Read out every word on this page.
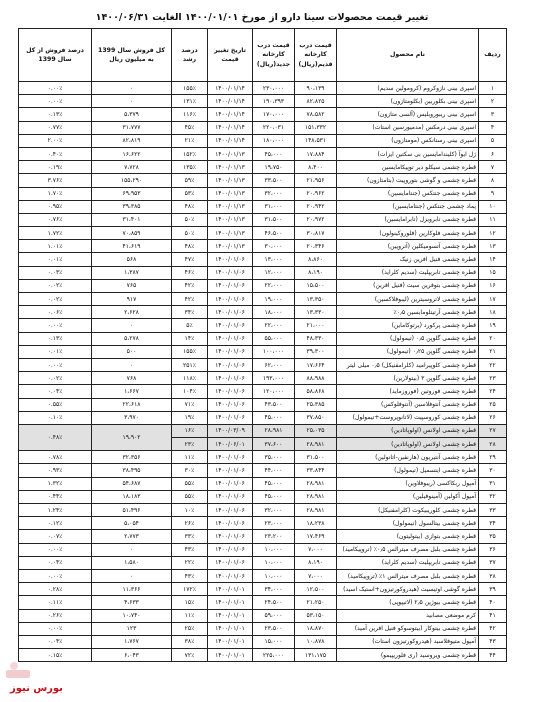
تغییر قیمت محصولات سینا دارو از مورخ ۱۴۰۰/۰۱/۰۱ الغایت ۱۴۰۰/۰۶/۳۱
ردیف	نام محصول	قیمت درب کارخانه قدیم(ریال)	قیمت درب کارخانه جدید(ریال)	تاریخ تغییر قیمت	درصد رشد	کل فروش سال 1399 به میلیون ریال	درصد فروش از کل سال 1399
۱	اسپری بینی نازوکروم (کرومولین سدیم)	۹۰،۱۳۹	۲۳۰،۰۰۰	۱۴۰۰/۰۱/۱۴	۱۵۵٪	۰	۰.۰۰٪
۲	اسپری بینی بکلوربین (بکلومتازون)	۸۲،۸۲۵	۱۹۰،۳۹۳	۱۴۰۰/۰۱/۱۴	۱۳۱٪	۰	۰.۰۰٪
۳	اسپری بینی ریبوروبلیس (آلسی متازون)	۷۸،۵۸۲	۱۷۰،۰۰۰	۱۴۰۰/۰۱/۱۴	۱۱۶٪	۵،۳۷۹	۰.۱۳٪
۴	اسپری بینی درمکس (مدمیورسین استات)	۱۵۱،۳۳۲	۲۲۰،۰۳۱	۱۴۰۰/۰۱/۱۴	۴۵٪	۳۱،۷۷۷	۰.۷۷٪
۵	اسپری بینی رستانکس (مومتازون)	۱۴۸،۵۳۱	۱۸۰،۰۰۰	۱۴۰۰/۰۱/۱۴	۲۱٪	۸۲،۸۱۹	۲.۰۰٪
۶	ژل ایوآ (کلیندامایسین بی سکتین ایزات)	۱۷،۸۸۴	۴۵،۰۰۰	۱۴۰۰/۰۱/۱۳	۱۵۲٪	۱۶،۶۲۲	۰.۴۰٪
۷	قطره چشمی سیکلو دیر توپیکامایسین	۸،۴۰۰	۱۹،۷۵۰	۱۴۰۰/۰۱/۱۳	۱۳۵٪	۷،۷۲۸	۰.۱۹٪
۸	قطره چشمی و گوشی بتوروپیت (بتامتازون)	۲۱،۹۵۶	۳۳،۵۰۰	۱۴۰۰/۰۱/۱۳	۵۹٪	۱۵۵،۲۹۰	۳.۷۶٪
۹	قطره چشمی جنتکس (جنتامایسین)	۲۰،۹۶۲	۳۲،۰۰۰	۱۴۰۰/۰۱/۱۳	۵۳٪	۶۹،۹۵۳	۱.۷۰٪
۱۰	پماد چشمی جنتکس (جنتامایسین)	۲۰،۹۴۲	۳۱،۰۰۰	۱۴۰۰/۰۱/۱۳	۴۸٪	۳۹،۳۸۵	۰.۹۵٪
۱۱	قطره چشمی تابرویزل (تابرامایسین)	۲۰،۹۷۲	۳۱،۵۰۰	۱۴۰۰/۰۱/۱۳	۵۰٪	۳۱،۴۰۱	۰.۷۶٪
۱۲	قطره چشمی فلوکارین (فلوروکینولون)	۳۰،۸۱۷	۴۶،۵۰۰	۱۴۰۰/۰۱/۱۳	۵۰٪	۷۰،۸۵۹	۱.۷۲٪
۱۳	قطره چشمی آتسومیکلین (آتروپین)	۲۰،۳۴۶	۳۰،۰۰۰	۱۴۰۰/۰۱/۱۳	۴۸٪	۴۱،۶۱۹	۱.۰۱٪
۱۴	قطره چشمی فنیل افرین زنیک	۸،۸۶۰	۱۳،۰۰۰	۱۴۰۰/۰۱/۰۶	۴۷٪	۵۶۸	۰.۰۱٪
۱۵	قطره چشمی تابریپلیت (سدیم کلراید)	۸،۱۹۰	۱۲،۰۰۰	۱۴۰۰/۰۱/۰۶	۴۶٪	۱،۳۸۷	۰.۰۳٪
۱۶	قطره چشمی بتوفرین سیت (فنیل افرین)	۱۵،۵۰۰	۲۲،۰۰۰	۱۴۰۰/۰۱/۰۶	۴۲٪	۷۶۵	۰.۰۲٪
۱۷	قطره چشمی لاتروسیترین (لیبوفلاکسین)	۱۳،۳۵۰	۱۹،۰۰۰	۱۴۰۰/۰۱/۰۶	۴۲٪	۹۱۷	۰.۰۲٪
۱۸	قطره چشمی آرتیتلومایسین ۰٫۵٪	۱۳،۳۳۰	۱۸،۰۰۰	۱۴۰۰/۰۱/۰۶	۳۴٪	۲،۶۲۸	۰.۰۶٪
۱۹	قطره چشمی پرکورد (پرتوکاماین)	۲۱،۰۰۰	۲۲،۰۰۰	۱۴۰۰/۰۱/۰۶	۵٪	۰	۰.۰۰٪
۲۰	قطره چشمی گلوپن ۰٫۵ (تیمولول)	۴۸،۳۳۰	۵۵،۰۰۰	۱۴۰۰/۰۱/۰۶	۱۴٪	۵،۲۷۸	۰.۱۳٪
۲۱	قطره چشمی گلوپن ۰٫۲۵ (تیمولول)	۳۹،۳۰۰	۱۰۰،۰۰۰	۱۴۰۰/۰۱/۰۶	۱۵۵٪	۵۰۰	۰.۰۱٪
۲۲	قطره چشمی کلوپیرامید (کلرامفنیکل) ۰٫۵ میلی لیتر	۱۷،۶۶۴	۶۲،۰۰۰	۱۴۰۰/۰۱/۰۶	۲۵۱٪	۰	۰.۰۰٪
۲۳	قطره چشمی گلوپن ۳ (بیتولارین)	۸۸،۹۸۸	۱۹۳،۰۰۰	۱۴۰۰/۰۱/۰۶	۱۱۸٪	۷۶۸	۰.۰۲٪
۲۴	قطره چشمی فوروتین (فوروزماید)	۵۸،۸۶۸	۱۲۰،۰۰۰	۱۴۰۰/۰۱/۰۶	۱۰۴٪	۱،۶۶۷	۰.۰۴٪
۲۵	قطره چشمی آنتوفلاسین (آنتوفلوکس)	۲۵،۳۸۵	۴۳،۵۰۰	۱۴۰۰/۰۱/۰۶	۷۱٪	۲۲،۶۱۸	۰.۵۵٪
۲۶	قطره چشمی کوروسپیت (لاتانوپروست+تیمولول)	۳۷،۸۵۰	۴۵،۰۰۰	۱۴۰۰/۰۱/۰۶	۱۹٪	۳،۹۷۰	۰.۱۰٪
۲۷	قطره چشمی اولانس (اولوپاتادین)	۲۵،۰۳۵	۲۸،۹۸۱	۱۴۰۰/۰۳/۰۹	۱۶٪	۱۹،۹۰۲	۰.۴۸٪
۲۸	قطره چشمی اولانس (اولوپاتادین)	۲۸،۹۸۱	۳۷،۶۰۰	۱۴۰۰/۰۶/۰۱	۲۳٪		
۲۹	قطره چشمی آنتیریون (هارنفین-اتانولین)	۳۱،۵۰۰	۳۵،۰۰۰	۱۴۰۰/۰۱/۰۶	۱۱٪	۳۲،۳۵۶	۰.۷۸٪
۳۰	قطره چشمی ایتسمیل (تیمولول)	۳۳،۸۴۴	۴۴،۰۰۰	۱۴۰۰/۰۱/۰۶	۳۰٪	۳۸،۴۹۵	۰.۹۳٪
۳۱	آمپول ربکاکسی (ریبوفلاوین)	۲۸،۹۸۱	۴۵،۰۰۰	۱۴۰۰/۰۱/۰۶	۵۵٪	۵۴،۶۸۷	۱.۳۲٪
۳۲	آمپول آکولین (آمینوفیلین)	۲۸،۹۸۱	۴۵،۰۰۰	۱۴۰۰/۰۱/۰۶	۵۵٪	۱۸،۱۸۳	۰.۴۴٪
۳۳	قطره چشمی کلوریبیکوت (کلرامفنیکل)	۲۸،۹۸۱	۳۲،۰۰۰	۱۴۰۰/۰۱/۰۶	۱۰٪	۵۱،۴۹۶	۱.۲۴٪
۳۴	قطره چشمی بیتالسول (تیمولول)	۱۸،۲۳۸	۲۳،۰۰۰	۱۴۰۰/۰۱/۰۶	۲۶٪	۵،۰۵۴	۰.۱۲٪
۳۵	قطره چشمی بتوازی (بیتولیتون)	۱۷،۴۶۹	۲۳،۲۰۰	۱۴۰۰/۰۱/۰۶	۳۳٪	۲،۷۷۳	۰.۰۷٪
۳۶	قطره چشمی بلبل مصرف میترالس ۰٫۵٪ (تروپیکامید)	۷،۰۰۰	۱۰،۰۰۰	۱۴۰۰/۰۱/۰۶	۴۳٪	۰	۰.۰۰٪
۳۷	قطره چشمی تابریپلیت (سدیم کلراید)	۸،۱۹۰	۱۰،۰۰۰	۱۴۰۰/۰۱/۰۶	۲۲٪	۱،۵۸۰	۰.۰۴٪
۳۸	قطره چشمی بلبل مصرف میترالس ۱٪ (تروپیکامید)	۷،۰۰۰	۱۰،۰۰۰	۱۴۰۰/۰۱/۰۶	۴۳٪	۰	۰.۰۰٪
۳۹	قطره گوشی اوتیسیت (هیدروکورتیزون+استیک اسید)	۱۲،۵۰۰	۳۴،۰۰۰	۱۴۰۰/۰۱/۰۱	۱۷۲٪	۱۱،۳۶۶	۰.۲۸٪
۴۰	قطره چشمی بیوژین ۲٫۵ (لاتیپوپی)	۲۱،۲۵۰	۲۴،۵۰۰	۱۴۰۰/۰۱/۰۱	۱۵٪	۴،۶۳۳	۰.۱۱٪
۴۱	کرم موضعی مصابید	۵۳،۱۵۰	۵۹،۰۰۰	۱۴۰۰/۰۱/۰۱	۱۱٪	۱۰،۷۴۰	۰.۲۶٪
۴۲	قطره چشمی بیتوکار (بیتوسوکو فنیل افرین آمید)	۱۸،۸۷۰	۲۳،۵۰۰	۱۴۰۰/۰۱/۰۱	۲۵٪	۱۲۳	۰.۰۰٪
۴۳	آمپول متیوفلاسید (هیدروکورتیزون استات)	۱۰،۸۷۸	۱۵،۰۰۰	۱۴۰۰/۰۱/۰۱	۳۸٪	۱،۷۶۷	۰.۰۴٪
۴۴	قطره چشمی ویروسید (ری فلوریپیمو)	۱۳۱،۱۷۵	۲۲۵،۰۰۰	۱۴۰۰/۰۱/۰۱	۷۲٪	۶،۰۴۳	۰.۱۵٪
بورس نیوز
